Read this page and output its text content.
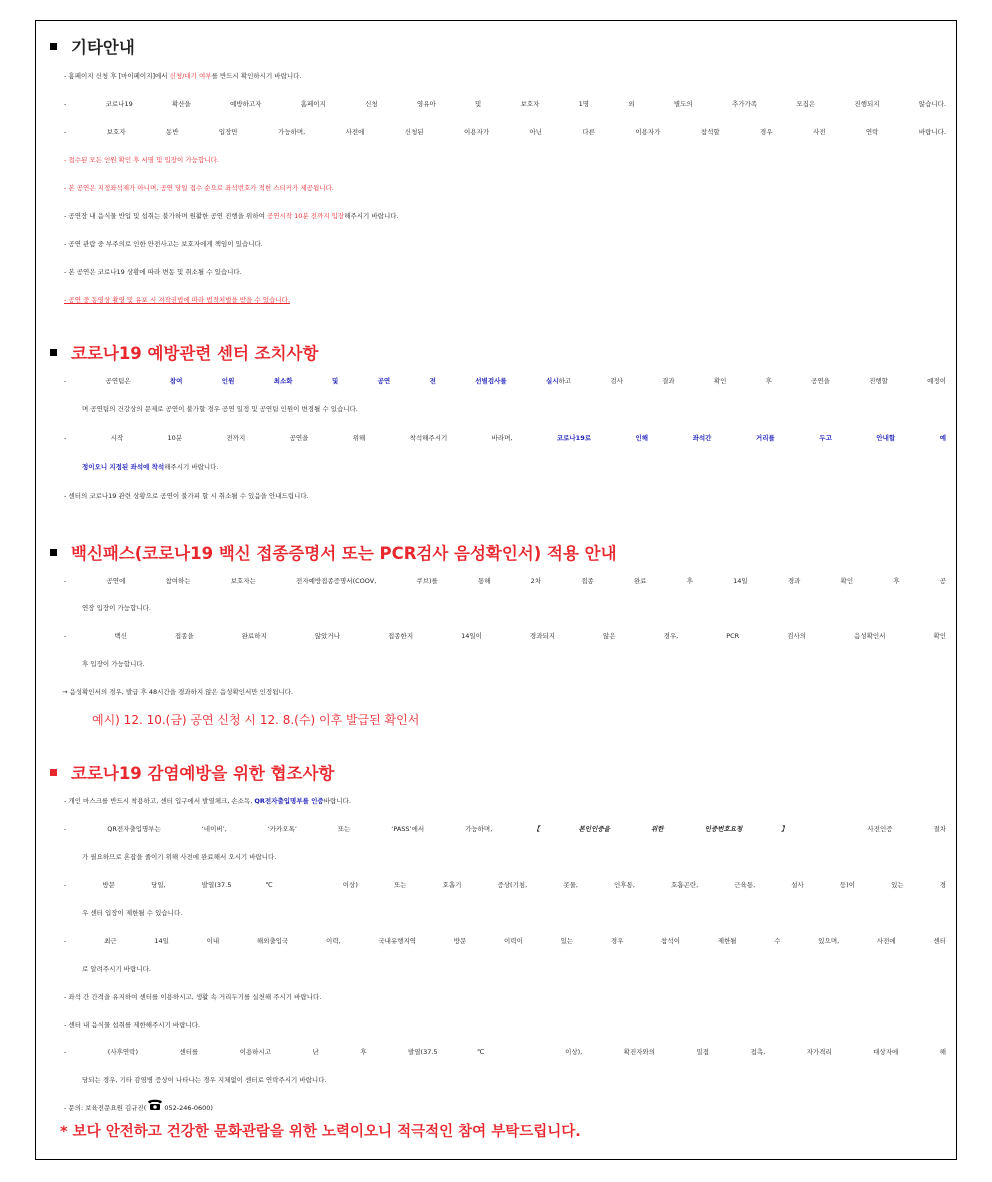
기타안내
- 홈페이지 신청 후 [마이페이지]에서 신청/대기 여부를 반드시 확인하시기 바랍니다.
- 코로나19 확산을 예방하고자 홈페이지 신청 영유아 및 보호자 1명 외 별도의 추가가족 모집은 진행되지 않습니다.
- 보호자 동반 입장만 가능하며, 사전에 신청된 이용자가 아닌 다른 이용자가 참석할 경우 사전 연락 바랍니다.
- 접수된 모든 인원 확인 후 서명 및 입장이 가능합니다.
- 본 공연은 지정좌석제가 아니며, 공연 당일 접수 순으로 좌석번호가 적힌 스티커가 제공됩니다.
- 공연장 내 음식물 반입 및 섭취는 불가하며 원활한 공연 진행을 위하여 공연시작 10분 전까지 입장해주시기 바랍니다.
- 공연 관람 중 부주의로 인한 안전사고는 보호자에게 책임이 있습니다.
- 본 공연은 코로나19 상황에 따라 변동 및 취소될 수 있습니다.
- 공연 중 동영상 촬영 및 유포 시 저작권법에 따라 법적처벌을 받을 수 있습니다.
코로나19 예방관련 센터 조치사항
- 공연팀은 참여 인원 최소화 및 공연 전 선별검사를 실시하고 검사 결과 확인 후 공연을 진행할 예정이
며 공연팀의 건강상의 문제로 공연이 불가할 경우 공연 일정 및 공연팀 인원이 변경될 수 있습니다.
- 시작 10분 전까지 공연을 위해 착석해주시기 바라며, 코로나19로 인해 좌석간 거리를 두고 안내할 예
정이오니 지정된 좌석에 착석해주시기 바랍니다.
- 센터의 코로나19 관련 상황으로 공연이 불가피 할 시 취소될 수 있음을 안내드립니다.
백신패스(코로나19 백신 접종증명서 또는 PCR검사 음성확인서) 적용 안내
- 공연에 참여하는 보호자는 전자예방접종증명서(COOV, 쿠브)를 통해 2차 접종 완료 후 14일 경과 확인 후 공
연장 입장이 가능합니다.
- 백신 접종을 완료하지 않았거나 접종한지 14일이 경과되지 않은 경우, PCR 검사의 음성확인서 확인
후 입장이 가능합니다.
→ 음성확인서의 경우, 발급 후 48시간을 경과하지 않은 음성확인서만 인정됩니다.
예시) 12. 10.(금) 공연 신청 시 12. 8.(수) 이후 발급된 확인서
코로나19 감염예방을 위한 협조사항
- 개인 마스크를 반드시 착용하고, 센터 입구에서 발열체크, 손소독, QR전자출입명부를 인증바랍니다.
- QR전자출입명부는 ‘네이버’, ‘카카오톡’ 또는 ‘PASS’에서 가능하며, 【본인인증을 위한 인증번호요청】 사전인증 절차
가 필요하므로 혼잡을 줄이기 위해 사전에 완료해서 오시기 바랍니다.
- 방문 당일, 발열(37.5℃ 이상) 또는 호흡기 증상(기침, 콧물, 인후통, 호흡곤란, 근육통, 설사 등)이 있는 경
우 센터 입장이 제한될 수 있습니다.
- 최근 14일 이내 해외출입국 이력, 국내유행지역 방문 이력이 있는 경우 참석이 제한될 수 있으며, 사전에 센터
로 알려주시기 바랍니다.
- 좌석 간 간격을 유지하여 센터를 이용하시고, 생활 속 거리두기를 실천해 주시기 바랍니다.
- 센터 내 음식물 섭취를 제한해주시기 바랍니다.
- (사후연락) 센터를 이용하시고 난 후 발열(37.5℃ 이상), 확진자와의 밀접 접촉, 자가격리 대상자에 해
당되는 경우, 기타 감염병 증상이 나타나는 경우 지체없이 센터로 연락주시기 바랍니다.
- 문의: 보육전문요원 김규진(	052-246-0600)
* 보다 안전하고 건강한 문화관람을 위한 노력이오니 적극적인 참여 부탁드립니다.
